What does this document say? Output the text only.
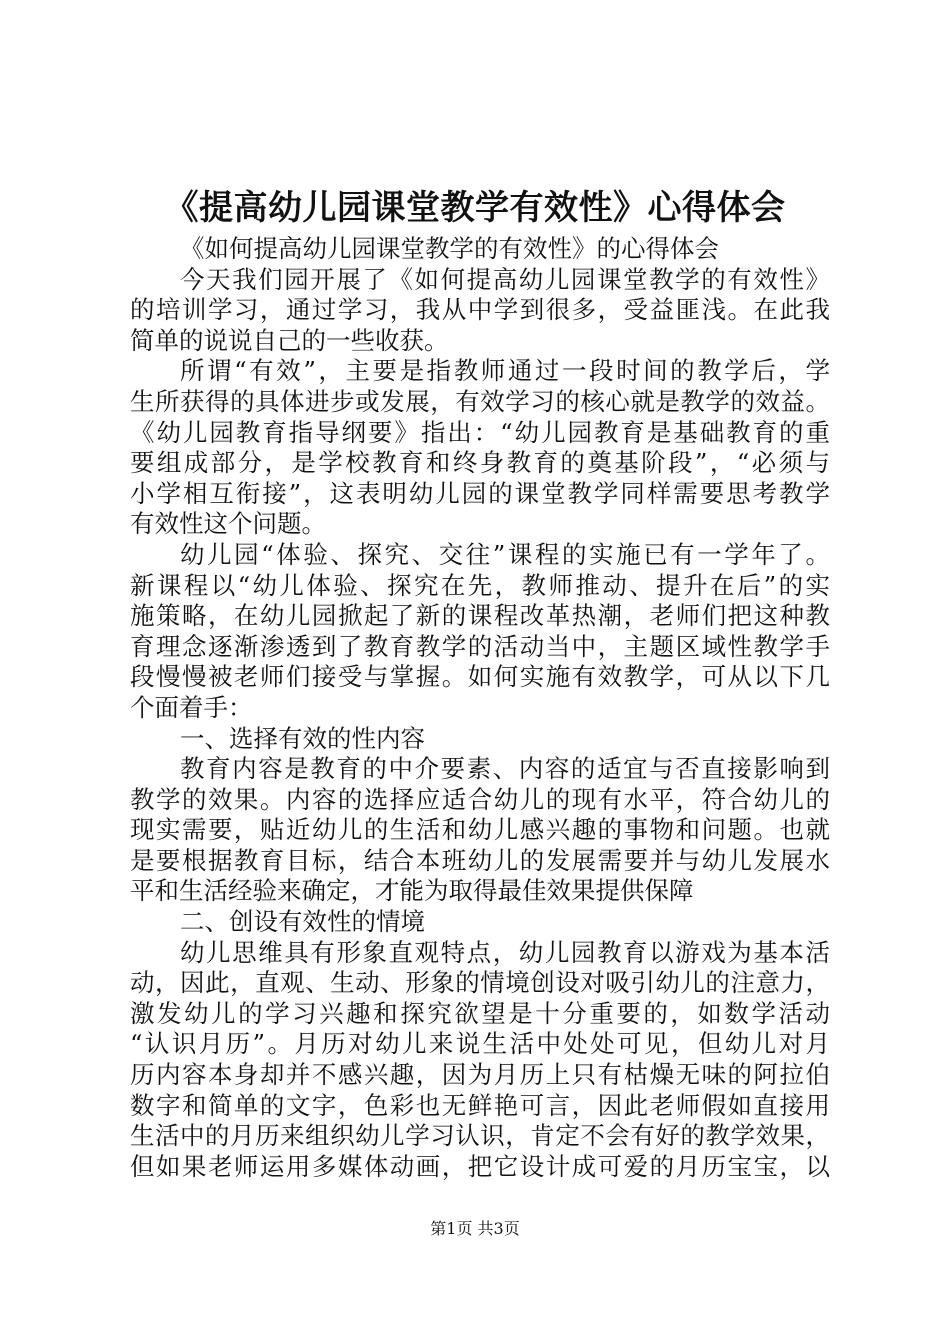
《提高幼儿园课堂教学有效性》心得体会
《如何提高幼儿园课堂教学的有效性》的心得体会
今天我们园开展了《如何提高幼儿园课堂教学的有效性》
的培训学习，通过学习，我从中学到很多，受益匪浅。在此我
简单的说说自己的一些收获。
所谓“有效”，主要是指教师通过一段时间的教学后，学
生所获得的具体进步或发展，有效学习的核心就是教学的效益。
《幼儿园教育指导纲要》指出：“幼儿园教育是基础教育的重
要组成部分，是学校教育和终身教育的奠基阶段”，“必须与
小学相互衔接”，这表明幼儿园的课堂教学同样需要思考教学
有效性这个问题。
幼儿园“体验、探究、交往”课程的实施已有一学年了。
新课程以“幼儿体验、探究在先，教师推动、提升在后”的实
施策略，在幼儿园掀起了新的课程改革热潮，老师们把这种教
育理念逐渐渗透到了教育教学的活动当中，主题区域性教学手
段慢慢被老师们接受与掌握。如何实施有效教学，可从以下几
个面着手：
一、选择有效的性内容
教育内容是教育的中介要素、内容的适宜与否直接影响到
教学的效果。内容的选择应适合幼儿的现有水平，符合幼儿的
现实需要，贴近幼儿的生活和幼儿感兴趣的事物和问题。也就
是要根据教育目标，结合本班幼儿的发展需要并与幼儿发展水
平和生活经验来确定，才能为取得最佳效果提供保障
二、创设有效性的情境
幼儿思维具有形象直观特点，幼儿园教育以游戏为基本活
动，因此，直观、生动、形象的情境创设对吸引幼儿的注意力，
激发幼儿的学习兴趣和探究欲望是十分重要的，如数学活动
“认识月历”。月历对幼儿来说生活中处处可见，但幼儿对月
历内容本身却并不感兴趣，因为月历上只有枯燥无味的阿拉伯
数字和简单的文字，色彩也无鲜艳可言，因此老师假如直接用
生活中的月历来组织幼儿学习认识，肯定不会有好的教学效果，
但如果老师运用多媒体动画，把它设计成可爱的月历宝宝，以
第1页 共3页
